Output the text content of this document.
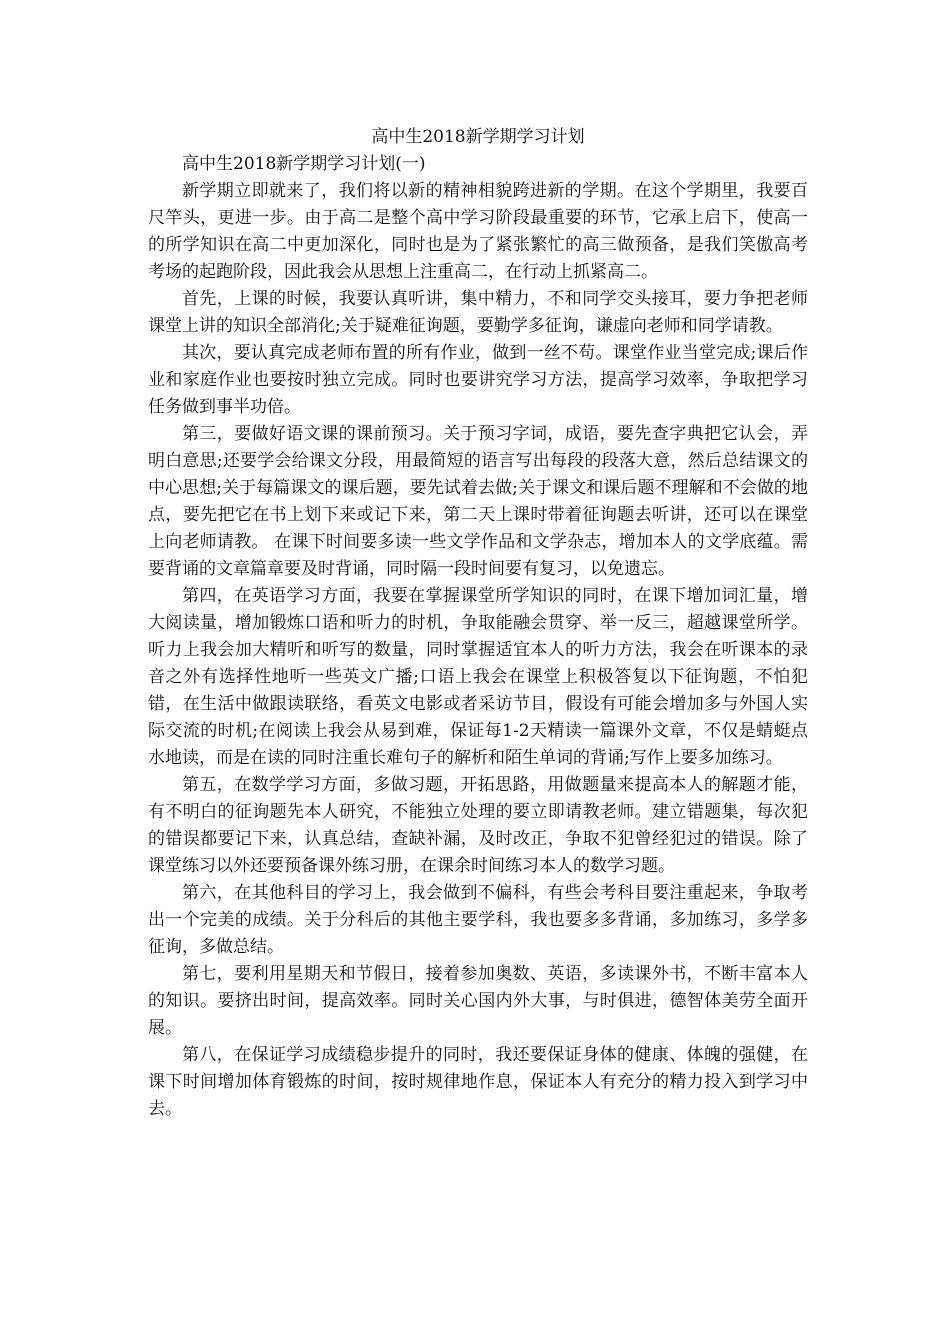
高中生2018新学期学习计划

高中生2018新学期学习计划(一)

新学期立即就来了，我们将以新的精神相貌跨进新的学期。在这个学期里，我要百尺竿头，更进一步。由于高二是整个高中学习阶段最重要的环节，它承上启下，使高一的所学知识在高二中更加深化，同时也是为了紧张繁忙的高三做预备，是我们笑傲高考考场的起跑阶段，因此我会从思想上注重高二，在行动上抓紧高二。

首先，上课的时候，我要认真听讲，集中精力，不和同学交头接耳，要力争把老师课堂上讲的知识全部消化;关于疑难征询题，要勤学多征询，谦虚向老师和同学请教。

其次，要认真完成老师布置的所有作业，做到一丝不苟。课堂作业当堂完成;课后作业和家庭作业也要按时独立完成。同时也要讲究学习方法，提高学习效率，争取把学习任务做到事半功倍。

第三，要做好语文课的课前预习。关于预习字词，成语，要先查字典把它认会，弄明白意思;还要学会给课文分段，用最简短的语言写出每段的段落大意，然后总结课文的中心思想;关于每篇课文的课后题，要先试着去做;关于课文和课后题不理解和不会做的地点，要先把它在书上划下来或记下来，第二天上课时带着征询题去听讲，还可以在课堂上向老师请教。 在课下时间要多读一些文学作品和文学杂志，增加本人的文学底蕴。需要背诵的文章篇章要及时背诵，同时隔一段时间要有复习，以免遗忘。

第四，在英语学习方面，我要在掌握课堂所学知识的同时，在课下增加词汇量，增大阅读量，增加锻炼口语和听力的时机，争取能融会贯穿、举一反三，超越课堂所学。听力上我会加大精听和听写的数量，同时掌握适宜本人的听力方法，我会在听课本的录音之外有选择性地听一些英文广播;口语上我会在课堂上积极答复以下征询题，不怕犯错，在生活中做跟读联络，看英文电影或者采访节目，假设有可能会增加多与外国人实际交流的时机;在阅读上我会从易到难，保证每1-2天精读一篇课外文章，不仅是蜻蜓点水地读，而是在读的同时注重长难句子的解析和陌生单词的背诵;写作上要多加练习。

第五，在数学学习方面，多做习题，开拓思路，用做题量来提高本人的解题才能，有不明白的征询题先本人研究，不能独立处理的要立即请教老师。建立错题集，每次犯的错误都要记下来，认真总结，查缺补漏，及时改正，争取不犯曾经犯过的错误。除了课堂练习以外还要预备课外练习册，在课余时间练习本人的数学习题。

第六，在其他科目的学习上，我会做到不偏科，有些会考科目要注重起来，争取考出一个完美的成绩。关于分科后的其他主要学科，我也要多多背诵，多加练习，多学多征询，多做总结。

第七，要利用星期天和节假日，接着参加奥数、英语，多读课外书，不断丰富本人的知识。要挤出时间，提高效率。同时关心国内外大事，与时俱进，德智体美劳全面开展。

第八，在保证学习成绩稳步提升的同时，我还要保证身体的健康、体魄的强健，在课下时间增加体育锻炼的时间，按时规律地作息，保证本人有充分的精力投入到学习中去。
